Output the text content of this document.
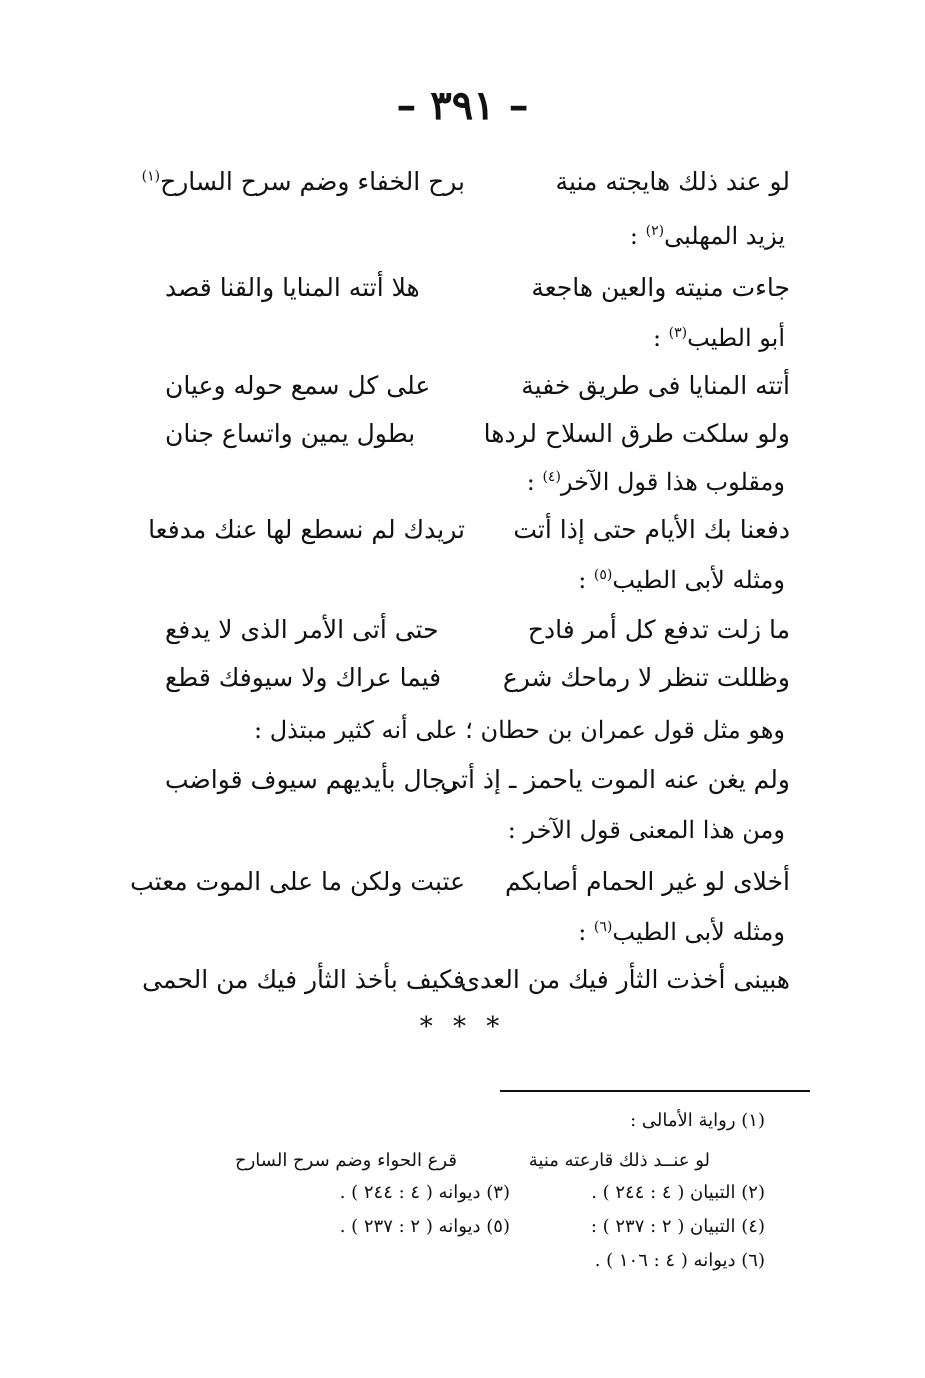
– ٣٩١ –
لو عند ذلك هايجته منية
برح الخفاء وضم سرح السارح$^{(١)}$
يزيد المهلبى$^{(٢)}$ :
جاءت منيته والعين هاجعة
هلا أتته المنايا والقنا قصد
أبو الطيب$^{(٣)}$ :
أتته المنايا فى طريق خفية
على كل سمع حوله وعيان
ولو سلكت طرق السلاح لردها
بطول يمين واتساع جنان
ومقلوب هذا قول الآخر$^{(٤)}$ :
دفعنا بك الأيام حتى إذا أتت
تريدك لم نسطع لها عنك مدفعا
ومثله لأبى الطيب$^{(٥)}$ :
ما زلت تدفع كل أمر فادح
حتى أتى الأمر الذى لا يدفع
وظللت تنظر لا رماحك شرع
فيما عراك ولا سيوفك قطع
وهو مثل قول عمران بن حطان ؛ على أنه كثير مبتذل :
ولم يغن عنه الموت ياحمز ـ إذ أتى
رجال بأيديهم سيوف قواضب
ومن هذا المعنى قول الآخر :
أخلاى لو غير الحمام أصابكم
عتبت ولكن ما على الموت معتب
ومثله لأبى الطيب$^{(٦)}$ :
هبينى أخذت الثأر فيك من العدى
فكيف بأخذ الثأر فيك من الحمى
* * *
(١) رواية الأمالى :
لو عنــد ذلك قارعته منية
قرع الحواء وضم سرح السارح
(٢) التبيان ( ٤ : ٢٤٤ ) .
(٣) ديوانه ( ٤ : ٢٤٤ ) .
(٤) التبيان ( ٢ : ٢٣٧ ) :
(٥) ديوانه ( ٢ : ٢٣٧ ) .
(٦) ديوانه ( ٤ : ١٠٦ ) .
